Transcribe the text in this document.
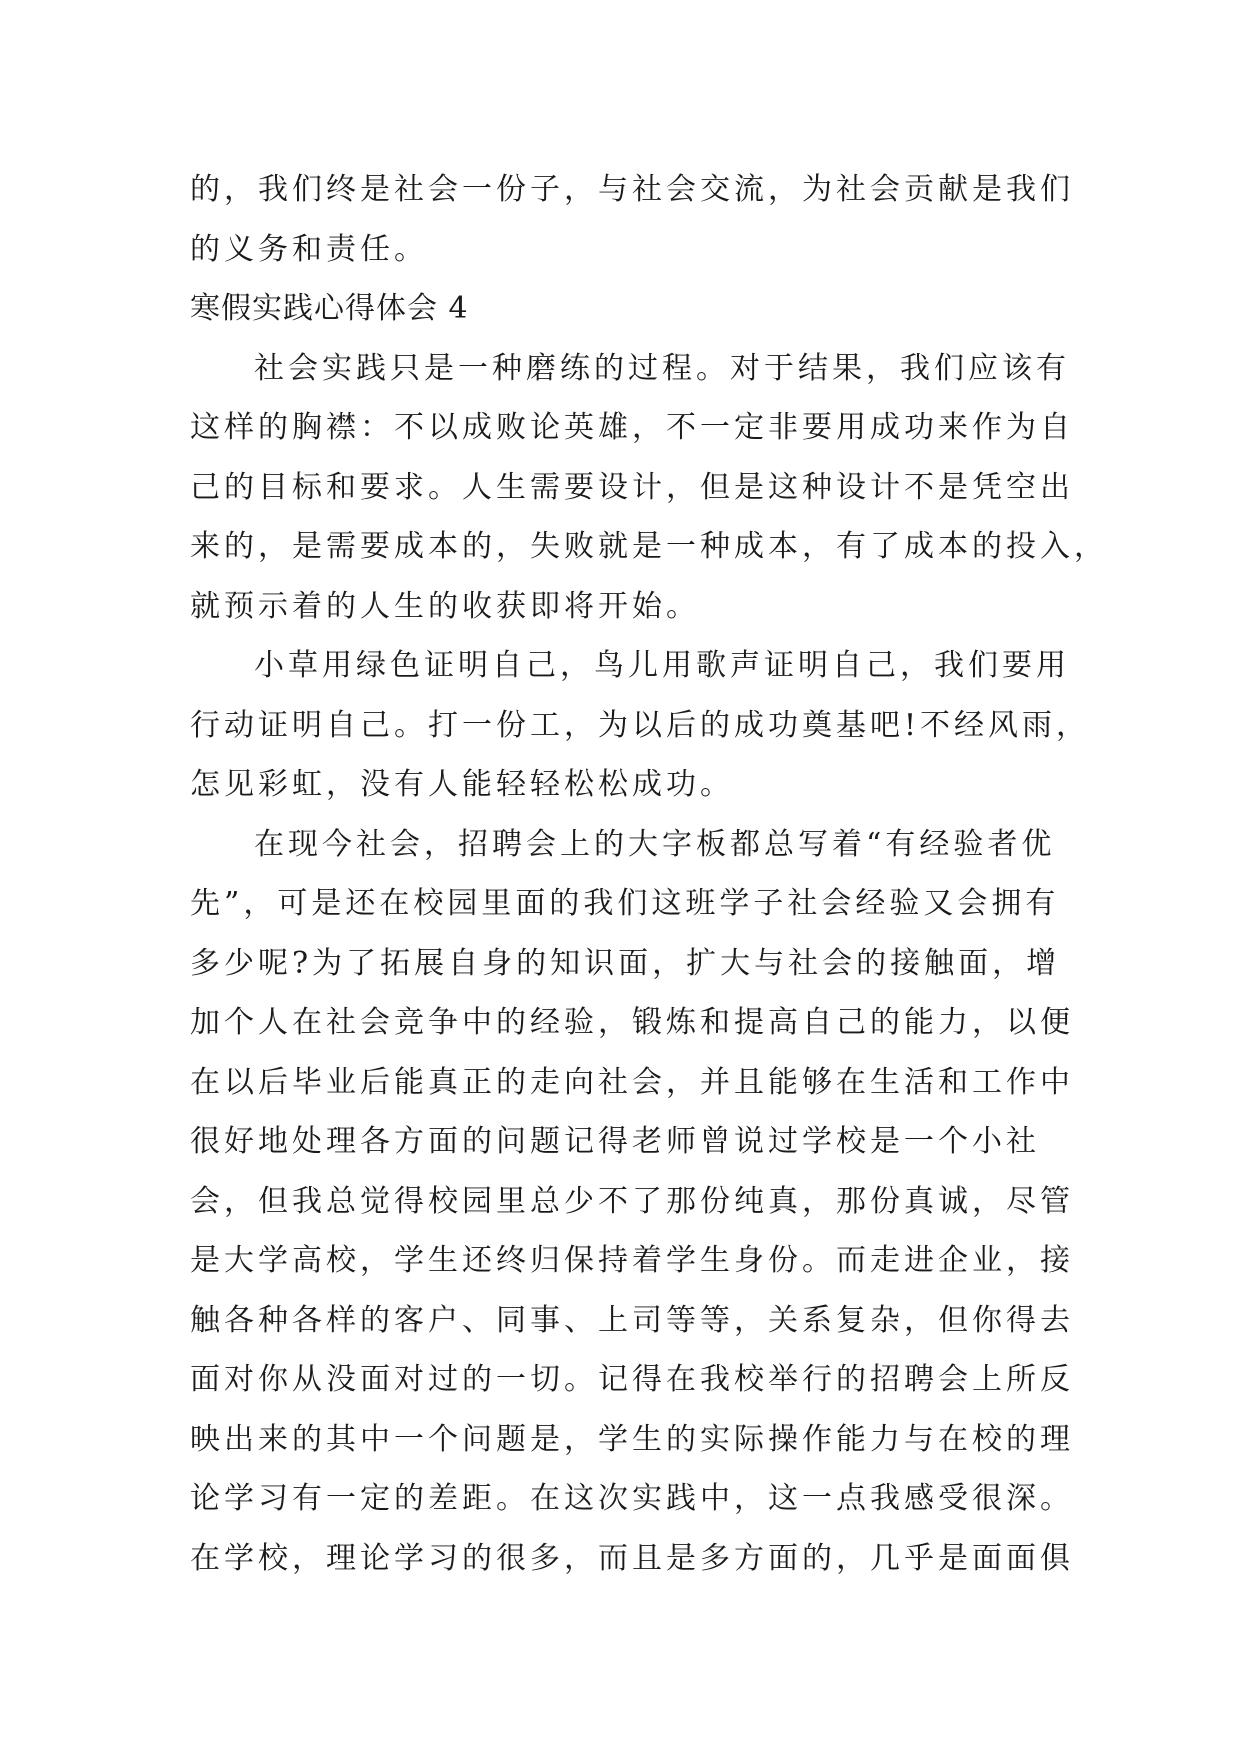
的，我们终是社会一份子，与社会交流，为社会贡献是我们
的义务和责任。
寒假实践心得体会 4
社会实践只是一种磨练的过程。对于结果，我们应该有
这样的胸襟：不以成败论英雄，不一定非要用成功来作为自
己的目标和要求。人生需要设计，但是这种设计不是凭空出
来的，是需要成本的，失败就是一种成本，有了成本的投入，
就预示着的人生的收获即将开始。
小草用绿色证明自己，鸟儿用歌声证明自己，我们要用
行动证明自己。打一份工，为以后的成功奠基吧!不经风雨，
怎见彩虹，没有人能轻轻松松成功。
在现今社会，招聘会上的大字板都总写着“有经验者优
先”，可是还在校园里面的我们这班学子社会经验又会拥有
多少呢?为了拓展自身的知识面，扩大与社会的接触面，增
加个人在社会竞争中的经验，锻炼和提高自己的能力，以便
在以后毕业后能真正的走向社会，并且能够在生活和工作中
很好地处理各方面的问题记得老师曾说过学校是一个小社
会，但我总觉得校园里总少不了那份纯真，那份真诚，尽管
是大学高校，学生还终归保持着学生身份。而走进企业，接
触各种各样的客户、同事、上司等等，关系复杂，但你得去
面对你从没面对过的一切。记得在我校举行的招聘会上所反
映出来的其中一个问题是，学生的实际操作能力与在校的理
论学习有一定的差距。在这次实践中，这一点我感受很深。
在学校，理论学习的很多，而且是多方面的，几乎是面面俱
